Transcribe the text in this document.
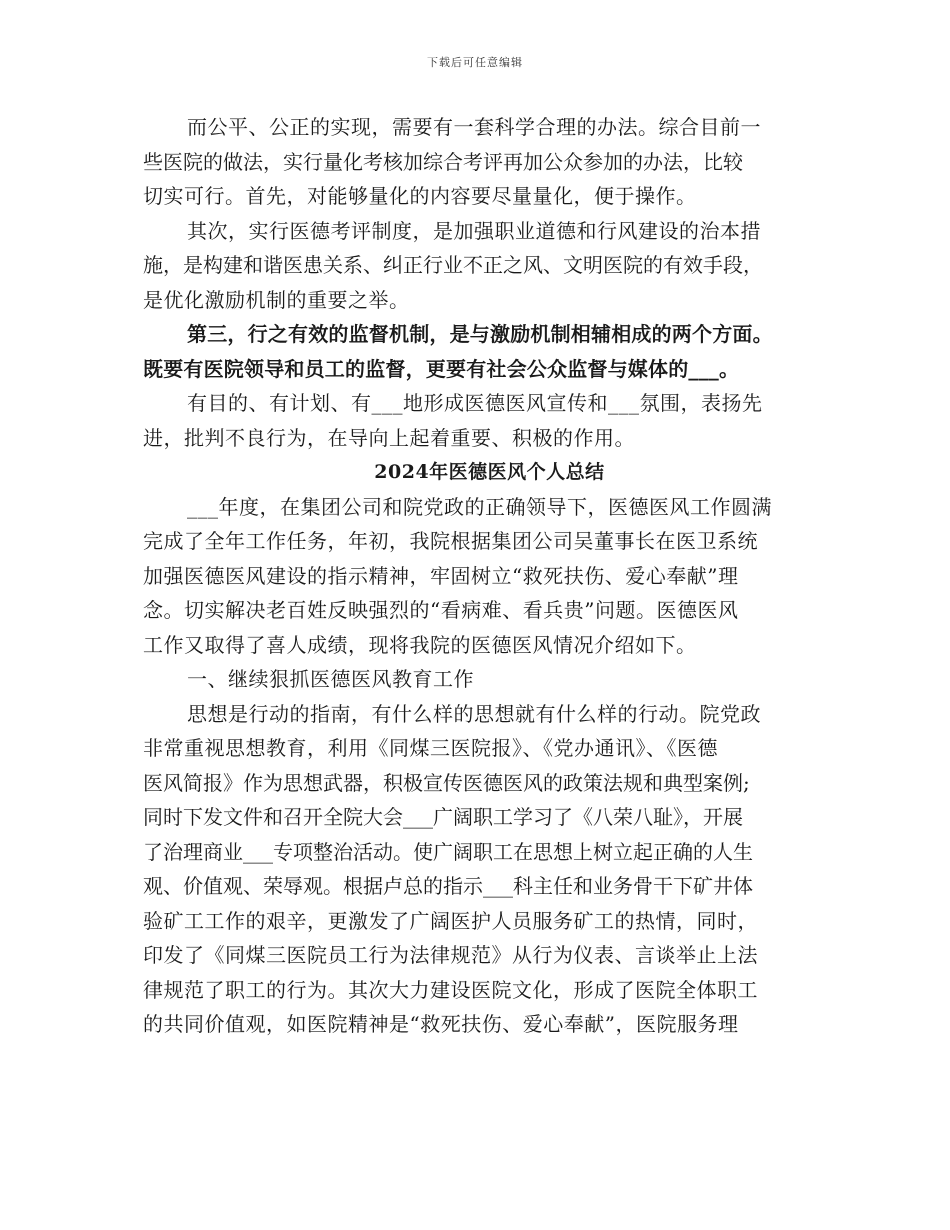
下载后可任意编辑
而公平、公正的实现，需要有一套科学合理的办法。综合目前一
些医院的做法，实行量化考核加综合考评再加公众参加的办法，比较
切实可行。首先，对能够量化的内容要尽量量化，便于操作。
其次，实行医德考评制度，是加强职业道德和行风建设的治本措
施，是构建和谐医患关系、纠正行业不正之风、文明医院的有效手段，
是优化激励机制的重要之举。
第三，行之有效的监督机制，是与激励机制相辅相成的两个方面。
既要有医院领导和员工的监督，更要有社会公众监督与媒体的___。
有目的、有计划、有___地形成医德医风宣传和___氛围，表扬先
进，批判不良行为，在导向上起着重要、积极的作用。
2024年医德医风个人总结
___年度，在集团公司和院党政的正确领导下，医德医风工作圆满
完成了全年工作任务，年初，我院根据集团公司吴董事长在医卫系统
加强医德医风建设的指示精神，牢固树立“救死扶伤、爱心奉献”理
念。切实解决老百姓反映强烈的“看病难、看兵贵”问题。医德医风
工作又取得了喜人成绩，现将我院的医德医风情况介绍如下。
一、继续狠抓医德医风教育工作
思想是行动的指南，有什么样的思想就有什么样的行动。院党政
非常重视思想教育，利用《同煤三医院报》、《党办通讯》、《医德
医风简报》作为思想武器，积极宣传医德医风的政策法规和典型案例;
同时下发文件和召开全院大会___广阔职工学习了《八荣八耻》，开展
了治理商业___专项整治活动。使广阔职工在思想上树立起正确的人生
观、价值观、荣辱观。根据卢总的指示___科主任和业务骨干下矿井体
验矿工工作的艰辛，更激发了广阔医护人员服务矿工的热情，同时，
印发了《同煤三医院员工行为法律规范》从行为仪表、言谈举止上法
律规范了职工的行为。其次大力建设医院文化，形成了医院全体职工
的共同价值观，如医院精神是“救死扶伤、爱心奉献”，医院服务理
